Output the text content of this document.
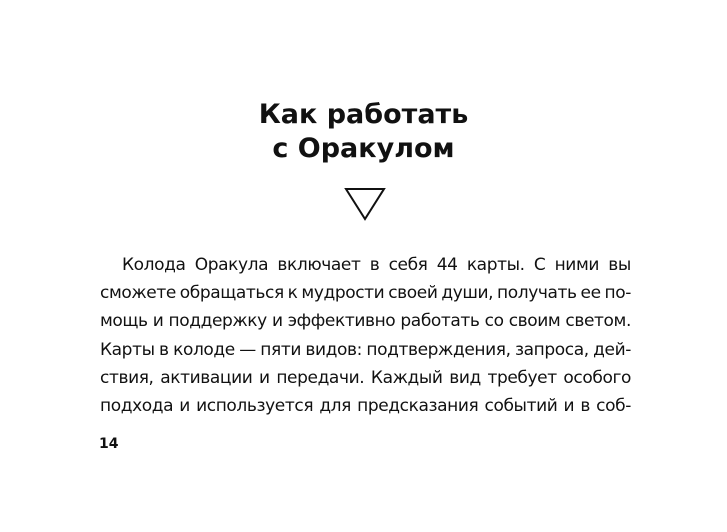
Как работать
с Оракулом
Колода Оракула включает в себя 44 карты. С ними вы
сможете обращаться к мудрости своей души, получать ее по-
мощь и поддержку и эффективно работать со своим светом.
Карты в колоде — пяти видов: подтверждения, запроса, дей-
ствия, активации и передачи. Каждый вид требует особого
подхода и используется для предсказания событий и в соб-
14
